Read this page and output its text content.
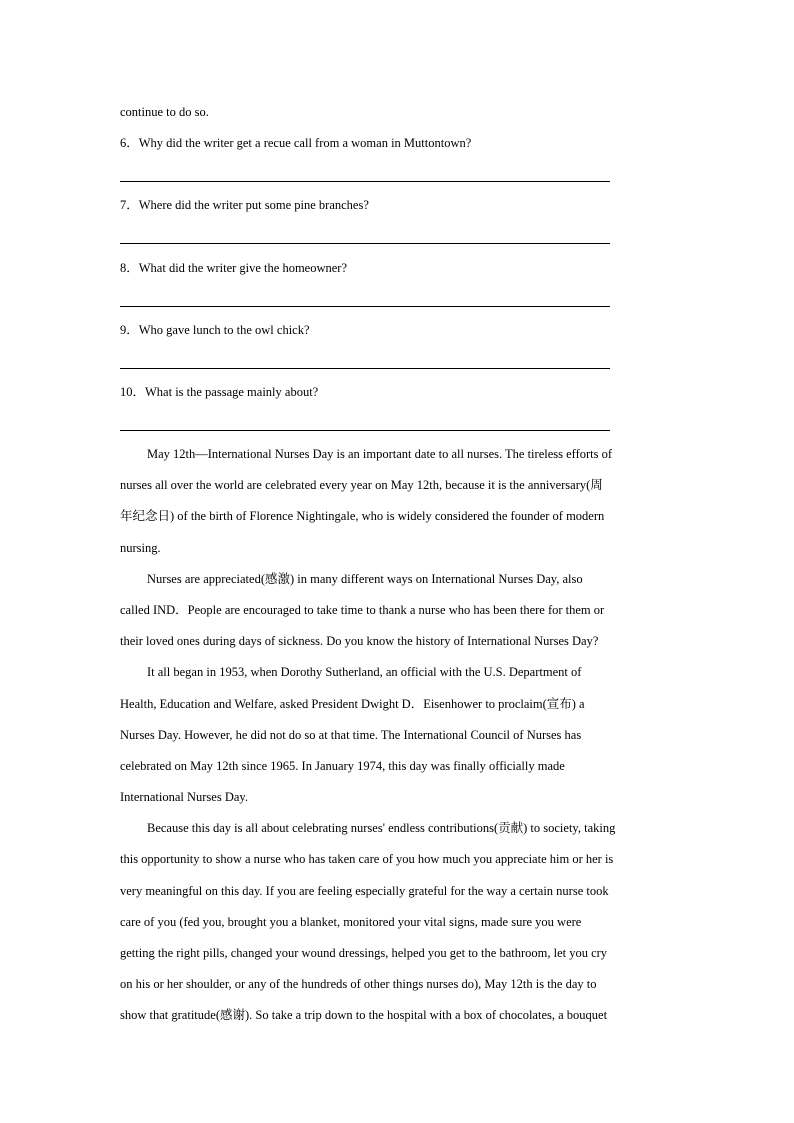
continue to do so.
6．Why did the writer get a recue call from a woman in Muttontown?
7．Where did the writer put some pine branches?
8．What did the writer give the homeowner?
9．Who gave lunch to the owl chick?
10．What is the passage mainly about?
May 12th—International Nurses Day is an important date to all nurses. The tireless efforts of
nurses all over the world are celebrated every year on May 12th, because it is the anniversary(周
年纪念日) of the birth of Florence Nightingale, who is widely considered the founder of modern
nursing.
Nurses are appreciated(感激) in many different ways on International Nurses Day, also
called IND．People are encouraged to take time to thank a nurse who has been there for them or
their loved ones during days of sickness. Do you know the history of International Nurses Day?
It all began in 1953, when Dorothy Sutherland, an official with the U.S. Department of
Health, Education and Welfare, asked President Dwight D．Eisenhower to proclaim(宣布) a
Nurses Day. However, he did not do so at that time. The International Council of Nurses has
celebrated on May 12th since 1965. In January 1974, this day was finally officially made
International Nurses Day.
Because this day is all about celebrating nurses' endless contributions(贡献) to society, taking
this opportunity to show a nurse who has taken care of you how much you appreciate him or her is
very meaningful on this day. If you are feeling especially grateful for the way a certain nurse took
care of you (fed you, brought you a blanket, monitored your vital signs, made sure you were
getting the right pills, changed your wound dressings, helped you get to the bathroom, let you cry
on his or her shoulder, or any of the hundreds of other things nurses do), May 12th is the day to
show that gratitude(感谢). So take a trip down to the hospital with a box of chocolates, a bouquet
